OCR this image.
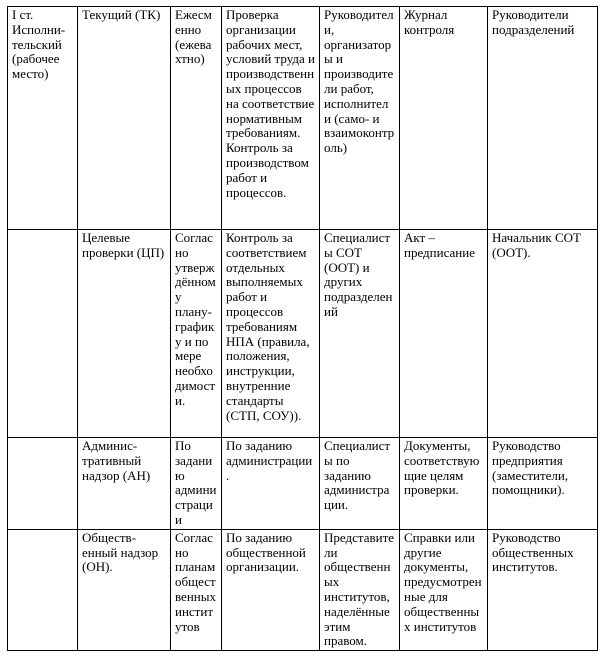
I ст. Исполни-тельский (рабочее место)	Текущий (ТК)	Ежесменно (ежевахтно)	Проверка организации рабочих мест, условий труда и производственных процессов на соответствие нормативным требованиям. Контроль за производством работ и процессов.	Руководители, организаторы и производители работ, исполнители (само- и взаимоконтроль)	Журнал контроля	Руководители подразделений
	Целевые проверки (ЦП)	Согласно утверждённому плану-графику и по мере необходимости.	Контроль за соответствием отдельных выполняемых работ и процессов требованиям НПА (правила, положения, инструкции, внутренние стандарты (СТП, СОУ)).	Специалисты СОТ (ООТ) и других подразделений	Акт – предписание	Начальник СОТ (ООТ).
	Админис-тративный надзор (АН)	По заданию администрации	По заданию администрации.	Специалисты по заданию администрации.	Документы, соответствующие целям проверки.	Руководство предприятия (заместители, помощники).
	Обществ-енный надзор (ОН).	Согласно планам общественных институтов	По заданию общественной организации.	Представители общественных институтов, наделённые этим правом.	Справки или другие документы, предусмотренные для общественных институтов	Руководство общественных институтов.
